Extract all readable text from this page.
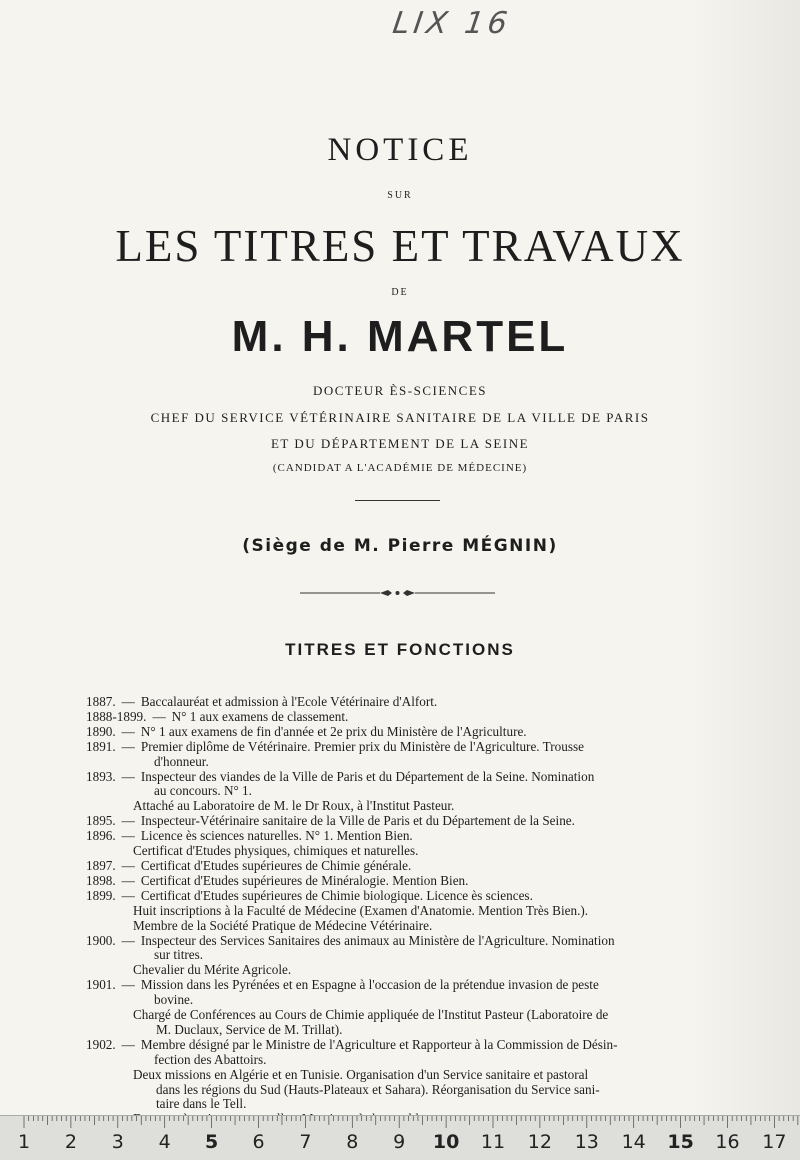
LIX 16
NOTICE
SUR
LES TITRES ET TRAVAUX
DE
M. H. MARTEL
DOCTEUR ÈS-SCIENCES
CHEF DU SERVICE VÉTÉRINAIRE SANITAIRE DE LA VILLE DE PARIS
ET DU DÉPARTEMENT DE LA SEINE
(CANDIDAT A L'ACADÉMIE DE MÉDECINE)
(Siège de M. Pierre MÉGNIN)
TITRES ET FONCTIONS
1887. — Baccalauréat et admission à l'Ecole Vétérinaire d'Alfort.
1888-1899. — N° 1 aux examens de classement.
1890. — N° 1 aux examens de fin d'année et 2e prix du Ministère de l'Agriculture.
1891. — Premier diplôme de Vétérinaire. Premier prix du Ministère de l'Agriculture. Trousse
d'honneur.
1893. — Inspecteur des viandes de la Ville de Paris et du Département de la Seine. Nomination
au concours. N° 1.
Attaché au Laboratoire de M. le Dr Roux, à l'Institut Pasteur.
1895. — Inspecteur-Vétérinaire sanitaire de la Ville de Paris et du Département de la Seine.
1896. — Licence ès sciences naturelles. N° 1. Mention Bien.
Certificat d'Etudes physiques, chimiques et naturelles.
1897. — Certificat d'Etudes supérieures de Chimie générale.
1898. — Certificat d'Etudes supérieures de Minéralogie. Mention Bien.
1899. — Certificat d'Etudes supérieures de Chimie biologique. Licence ès sciences.
Huit inscriptions à la Faculté de Médecine (Examen d'Anatomie. Mention Très Bien.).
Membre de la Société Pratique de Médecine Vétérinaire.
1900. — Inspecteur des Services Sanitaires des animaux au Ministère de l'Agriculture. Nomination
sur titres.
Chevalier du Mérite Agricole.
1901. — Mission dans les Pyrénées et en Espagne à l'occasion de la prétendue invasion de peste
bovine.
Chargé de Conférences au Cours de Chimie appliquée de l'Institut Pasteur (Laboratoire de
M. Duclaux, Service de M. Trillat).
1902. — Membre désigné par le Ministre de l'Agriculture et Rapporteur à la Commission de Désin-
fection des Abattoirs.
Deux missions en Algérie et en Tunisie. Organisation d'un Service sanitaire et pastoral
dans les régions du Sud (Hauts-Plateaux et Sahara). Réorganisation du Service sani-
taire dans le Tell.
1 2 3 4 5 6 7 8 9 10 11 12 13 14 15 16 17
